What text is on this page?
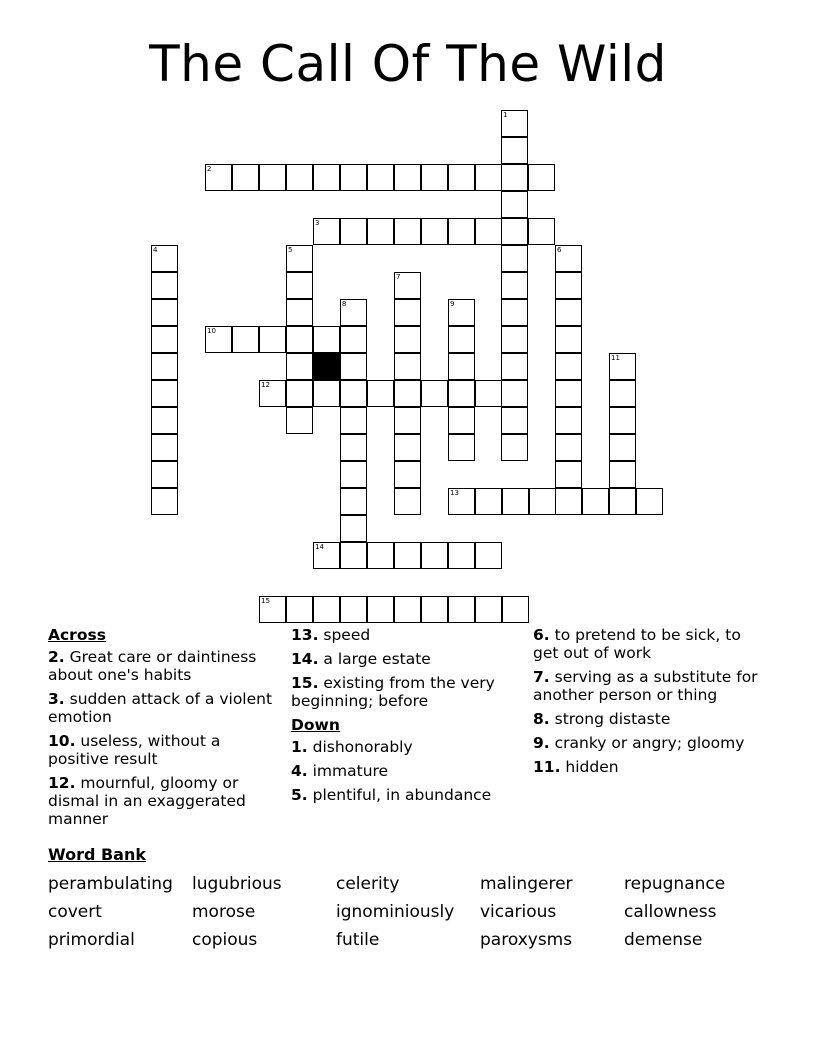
The Call Of The Wild
1
2
3
4	5	6
7
8	9
10
11
12
14
15
13
Across
2. Great care or daintiness about one's habits
3. sudden attack of a violent emotion
10. useless, without a positive result
12. mournful, gloomy or dismal in an exaggerated manner
13. speed
14. a large estate
15. existing from the very beginning; before
Down
1. dishonorably
4. immature
5. plentiful, in abundance
6. to pretend to be sick, to get out of work
7. serving as a substitute for another person or thing
8. strong distaste
9. cranky or angry; gloomy
11. hidden
Word Bank
perambulating lugubrious	celerity	malingerer	repugnance
covert	morose	ignominiously vicarious	callowness
primordial	copious	futile	paroxysms	demense
